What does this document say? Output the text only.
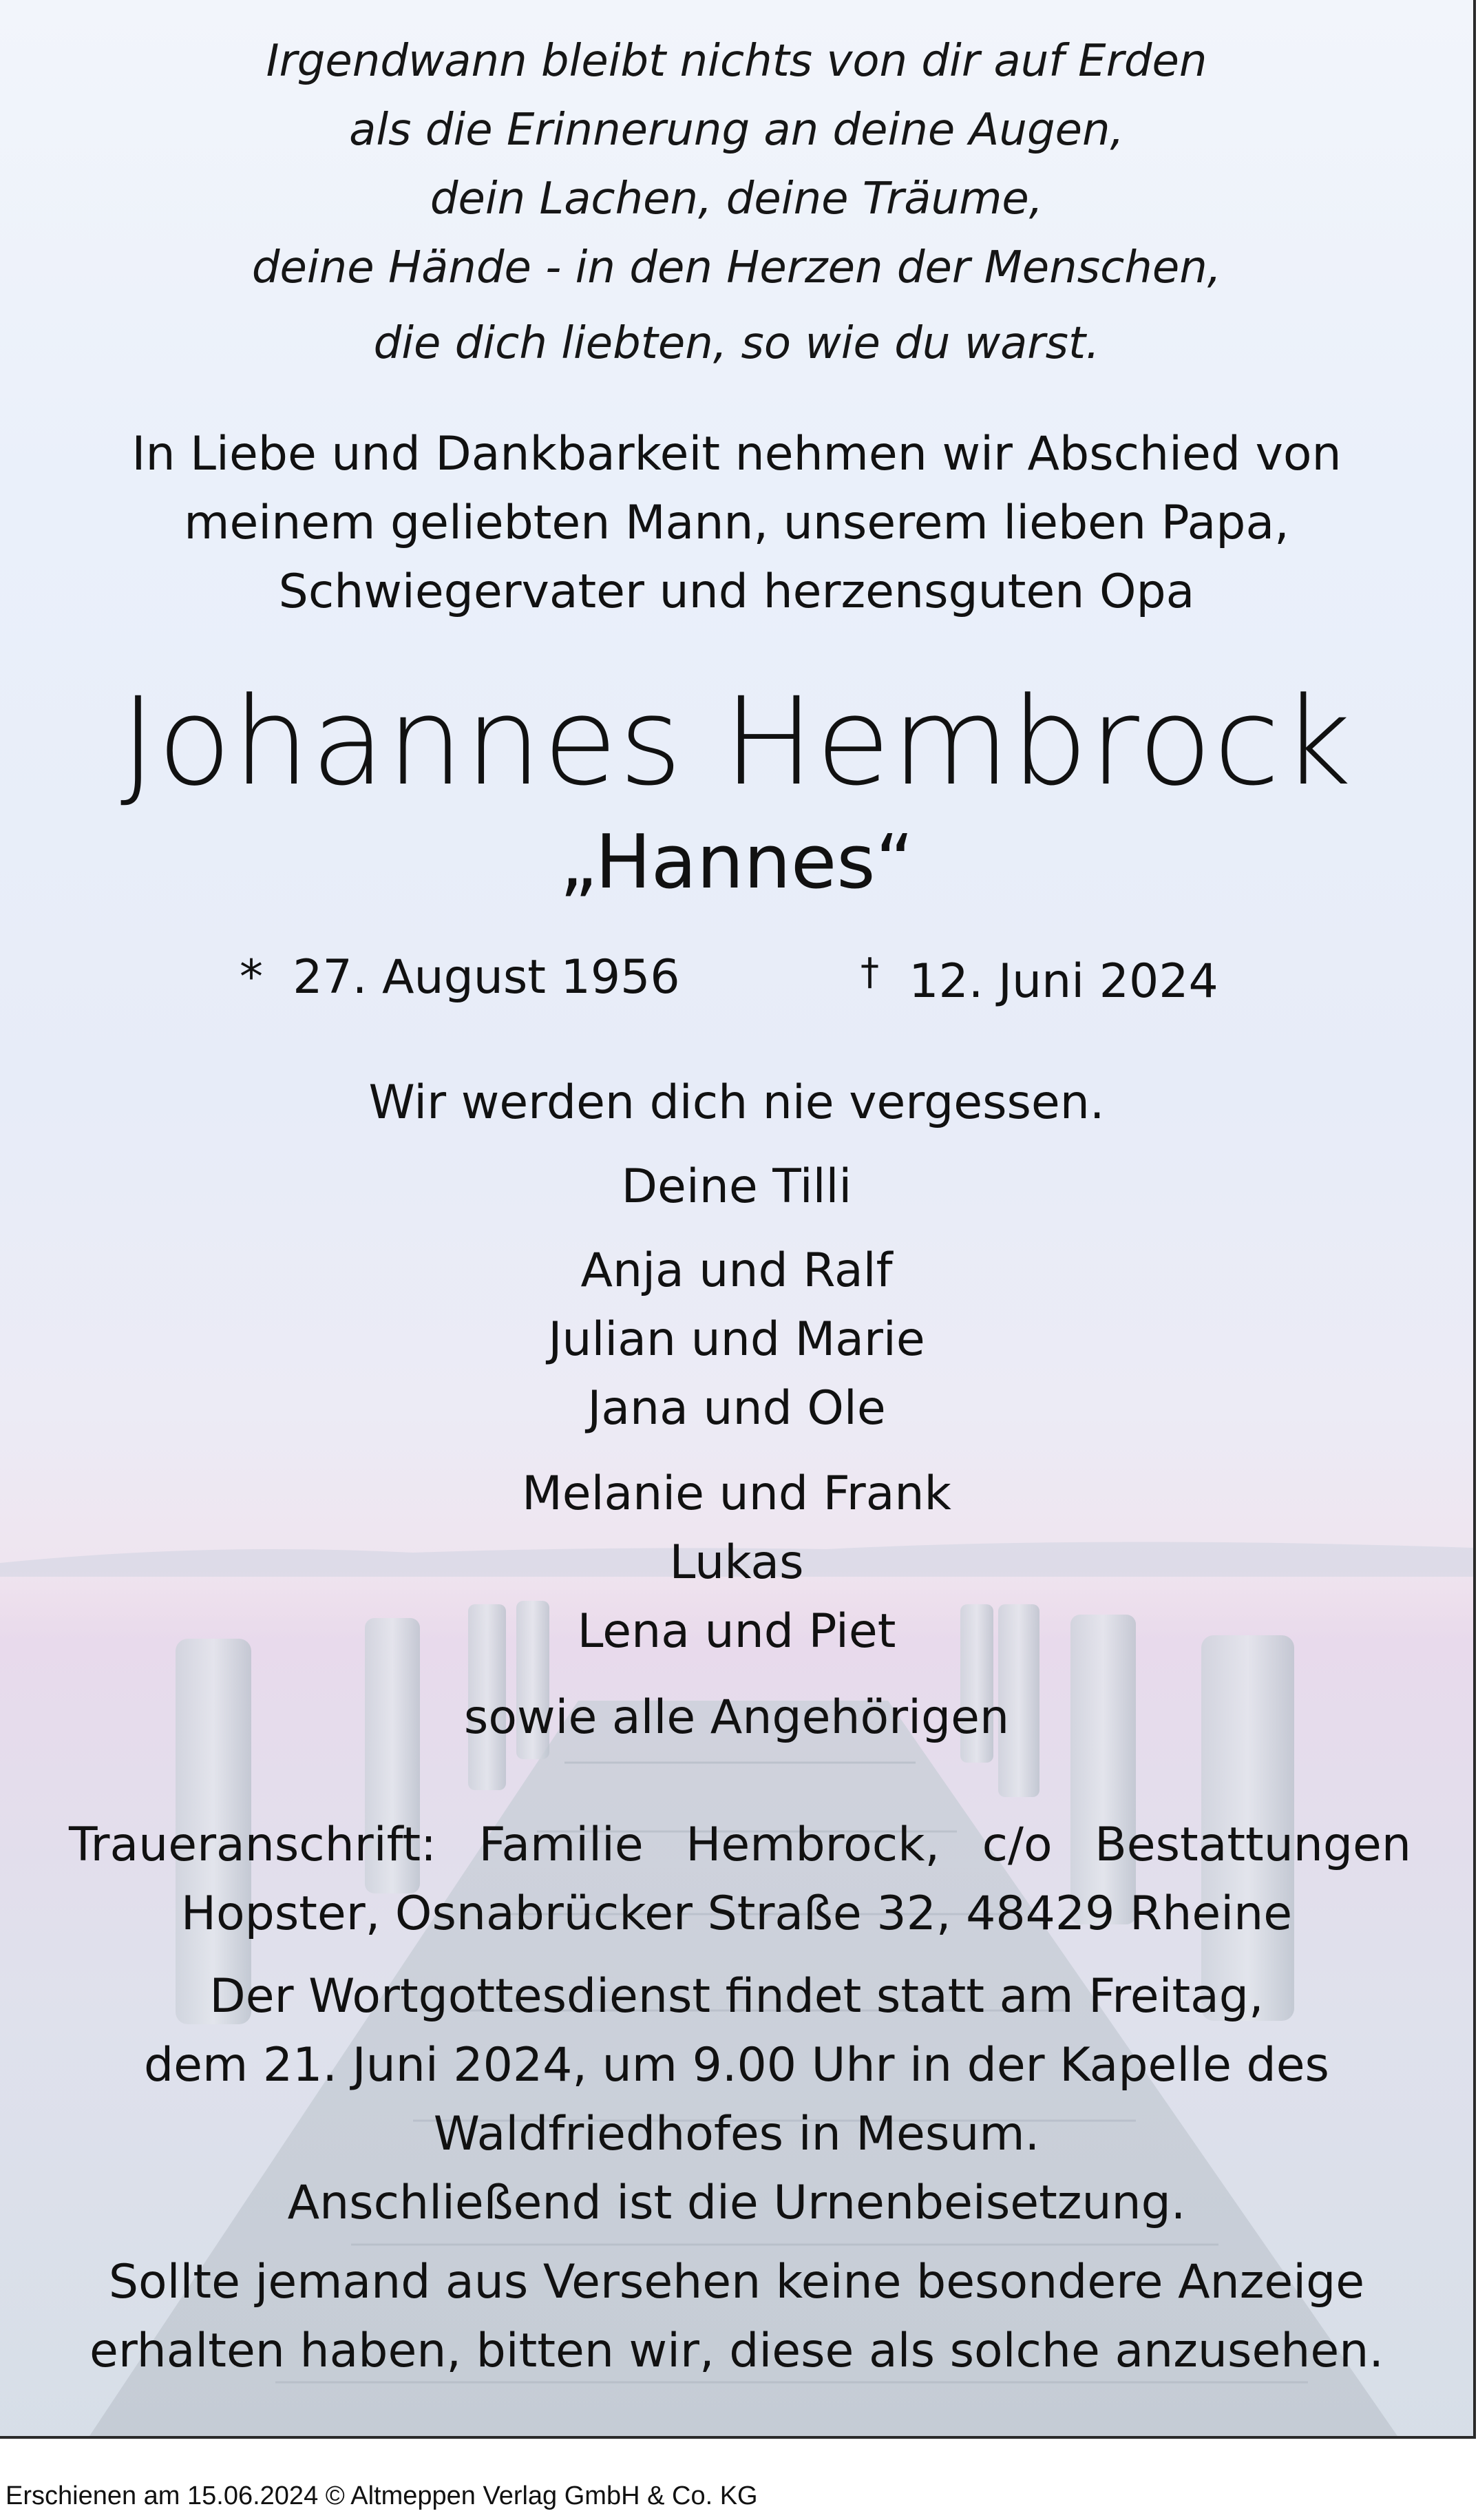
Irgendwann bleibt nichts von dir auf Erden
als die Erinnerung an deine Augen,
dein Lachen, deine Träume,
deine Hände - in den Herzen der Menschen,
die dich liebten, so wie du warst.
In Liebe und Dankbarkeit nehmen wir Abschied von
meinem geliebten Mann, unserem lieben Papa,
Schwiegervater und herzensguten Opa
Johannes Hembrock
„Hannes“
* 27. August 1956	† 12. Juni 2024
Wir werden dich nie vergessen.
Deine Tilli
Anja und Ralf
Julian und Marie
Jana und Ole
Melanie und Frank
Lukas
Lena und Piet
sowie alle Angehörigen
Traueranschrift: Familie Hembrock, c/o Bestattungen
Hopster, Osnabrücker Straße 32, 48429 Rheine
Der Wortgottesdienst findet statt am Freitag,
dem 21. Juni 2024, um 9.00 Uhr in der Kapelle des
Waldfriedhofes in Mesum.
Anschließend ist die Urnenbeisetzung.
Sollte jemand aus Versehen keine besondere Anzeige
erhalten haben, bitten wir, diese als solche anzusehen.
Erschienen am 15.06.2024 © Altmeppen Verlag GmbH & Co. KG
